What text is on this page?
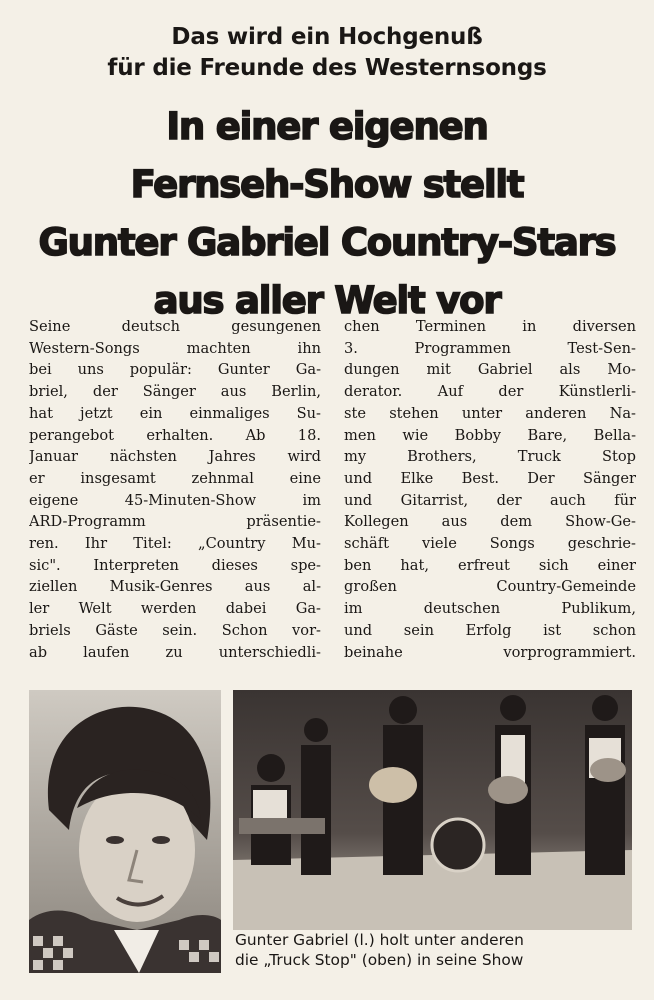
Das wird ein Hochgenuß
für die Freunde des Westernsongs
In einer eigenen
Fernseh-Show stellt
Gunter Gabriel Country-Stars
aus aller Welt vor
Seine deutsch gesungenen
Western-Songs machten ihn
bei uns populär: Gunter Ga-
briel, der Sänger aus Berlin,
hat jetzt ein einmaliges Su-
perangebot erhalten. Ab 18.
Januar nächsten Jahres wird
er insgesamt zehnmal eine
eigene 45-Minuten-Show im
ARD-Programm präsentie-
ren. Ihr Titel: „Country Mu-
sic". Interpreten dieses spe-
ziellen Musik-Genres aus al-
ler Welt werden dabei Ga-
briels Gäste sein. Schon vor-
ab laufen zu unterschiedli-
chen Terminen in diversen
3. Programmen Test-Sen-
dungen mit Gabriel als Mo-
derator. Auf der Künstlerli-
ste stehen unter anderen Na-
men wie Bobby Bare, Bella-
my Brothers, Truck Stop
und Elke Best. Der Sänger
und Gitarrist, der auch für
Kollegen aus dem Show-Ge-
schäft viele Songs geschrie-
ben hat, erfreut sich einer
großen Country-Gemeinde
im deutschen Publikum,
und sein Erfolg ist schon
beinahe vorprogrammiert.
Gunter Gabriel (l.) holt unter anderen
die „Truck Stop" (oben) in seine Show
